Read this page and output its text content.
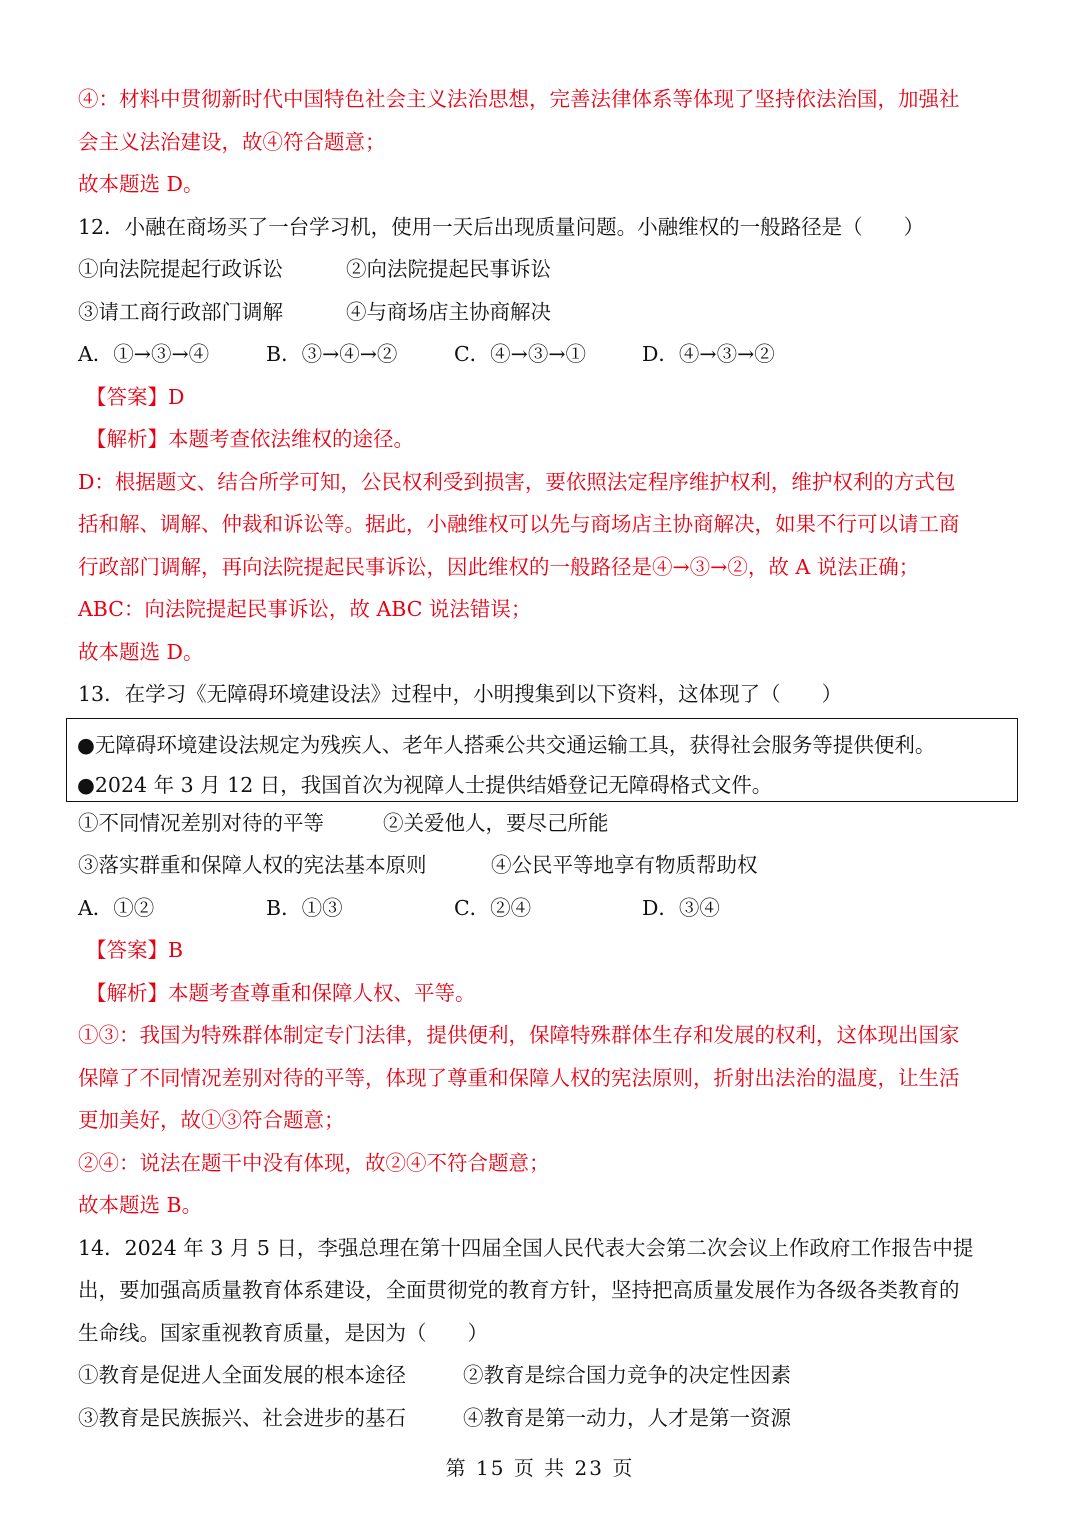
④：材料中贯彻新时代中国特色社会主义法治思想，完善法律体系等体现了坚持依法治国，加强社
会主义法治建设，故④符合题意；
故本题选 D。
12．小融在商场买了一台学习机，使用一天后出现质量问题。小融维权的一般路径是（　　）
①向法院提起行政诉讼	②向法院提起民事诉讼
③请工商行政部门调解	④与商场店主协商解决
A．①→③→④	B．③→④→②	C．④→③→①	D．④→③→②
【答案】D
【解析】本题考查依法维权的途径。
D：根据题文、结合所学可知，公民权利受到损害，要依照法定程序维护权利，维护权利的方式包
括和解、调解、仲裁和诉讼等。据此，小融维权可以先与商场店主协商解决，如果不行可以请工商
行政部门调解，再向法院提起民事诉讼，因此维权的一般路径是④→③→②，故 A 说法正确；
ABC：向法院提起民事诉讼，故 ABC 说法错误；
故本题选 D。
13．在学习《无障碍环境建设法》过程中，小明搜集到以下资料，这体现了（　　）
●无障碍环境建设法规定为残疾人、老年人搭乘公共交通运输工具，获得社会服务等提供便利。
●2024 年 3 月 12 日，我国首次为视障人士提供结婚登记无障碍格式文件。
①不同情况差别对待的平等	②关爱他人，要尽己所能
③落实群重和保障人权的宪法基本原则	④公民平等地享有物质帮助权
A．①②	B．①③	C．②④	D．③④
【答案】B
【解析】本题考查尊重和保障人权、平等。
①③：我国为特殊群体制定专门法律，提供便利，保障特殊群体生存和发展的权利，这体现出国家
保障了不同情况差别对待的平等，体现了尊重和保障人权的宪法原则，折射出法治的温度，让生活
更加美好，故①③符合题意；
②④：说法在题干中没有体现，故②④不符合题意；
故本题选 B。
14．2024 年 3 月 5 日，李强总理在第十四届全国人民代表大会第二次会议上作政府工作报告中提
出，要加强高质量教育体系建设，全面贯彻党的教育方针，坚持把高质量发展作为各级各类教育的
生命线。国家重视教育质量，是因为（　　）
①教育是促进人全面发展的根本途径	②教育是综合国力竞争的决定性因素
③教育是民族振兴、社会进步的基石	④教育是第一动力，人才是第一资源
第 15 页 共 23 页
